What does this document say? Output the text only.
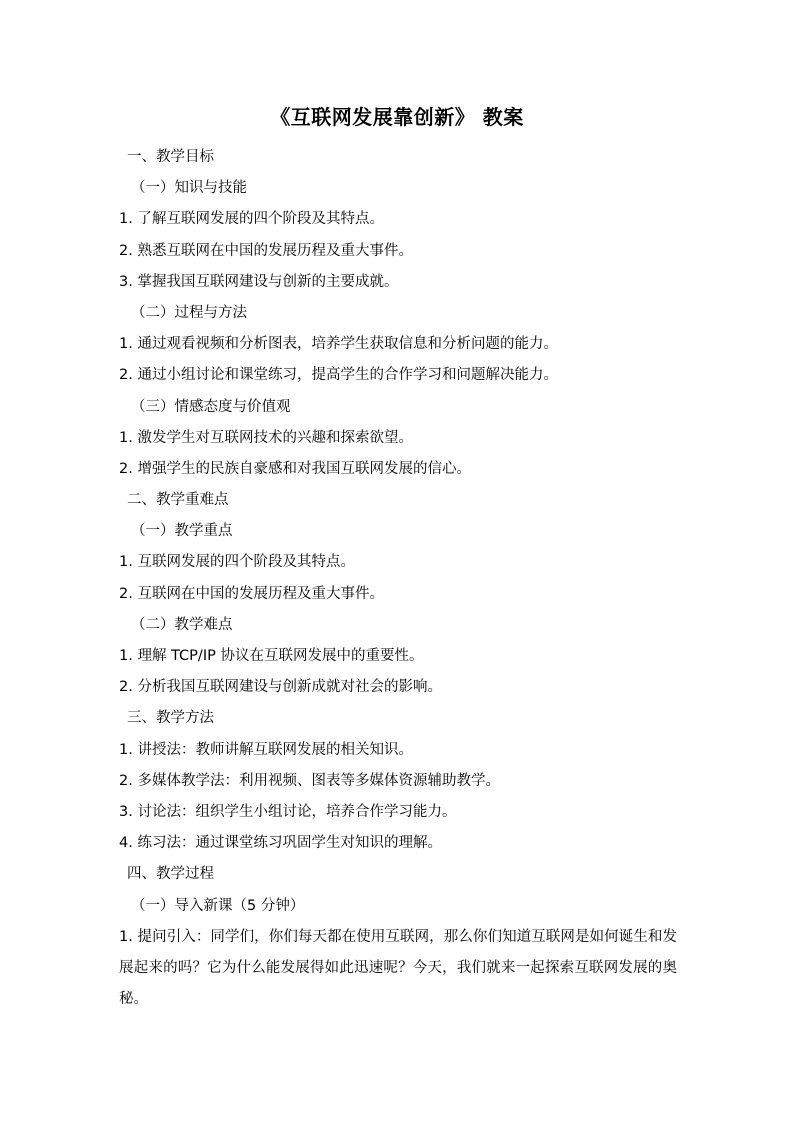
《互联网发展靠创新》 教案
一、教学目标
（一）知识与技能
1. 了解互联网发展的四个阶段及其特点。
2. 熟悉互联网在中国的发展历程及重大事件。
3. 掌握我国互联网建设与创新的主要成就。
（二）过程与方法
1. 通过观看视频和分析图表，培养学生获取信息和分析问题的能力。
2. 通过小组讨论和课堂练习，提高学生的合作学习和问题解决能力。
（三）情感态度与价值观
1. 激发学生对互联网技术的兴趣和探索欲望。
2. 增强学生的民族自豪感和对我国互联网发展的信心。
二、教学重难点
（一）教学重点
1. 互联网发展的四个阶段及其特点。
2. 互联网在中国的发展历程及重大事件。
（二）教学难点
1. 理解 TCP/IP 协议在互联网发展中的重要性。
2. 分析我国互联网建设与创新成就对社会的影响。
三、教学方法
1. 讲授法：教师讲解互联网发展的相关知识。
2. 多媒体教学法：利用视频、图表等多媒体资源辅助教学。
3. 讨论法：组织学生小组讨论，培养合作学习能力。
4. 练习法：通过课堂练习巩固学生对知识的理解。
四、教学过程
（一）导入新课（5 分钟）
1. 提问引入：同学们，你们每天都在使用互联网，那么你们知道互联网是如何诞生和发展起来的吗？它为什么能发展得如此迅速呢？今天，我们就来一起探索互联网发展的奥秘。
